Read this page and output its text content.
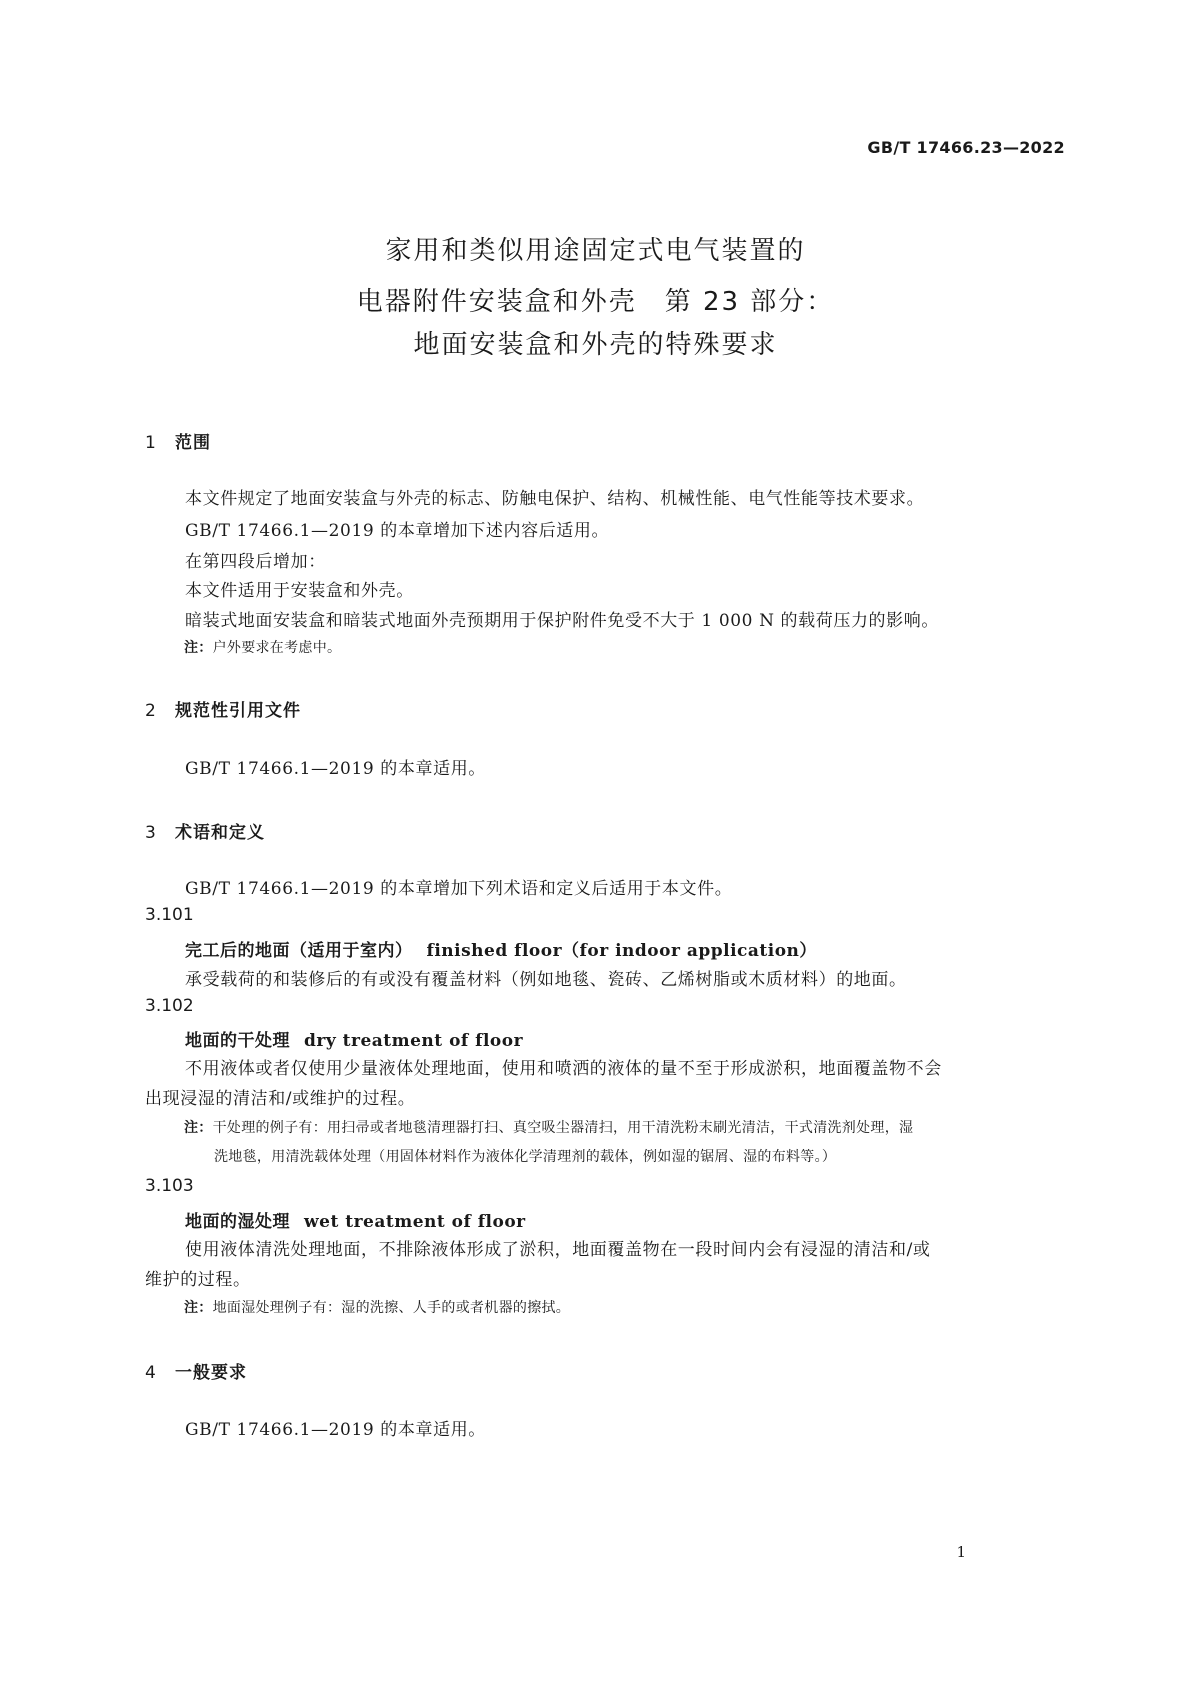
GB/T 17466.23—2022
家用和类似用途固定式电气装置的
电器附件安装盒和外壳　第 23 部分：
地面安装盒和外壳的特殊要求
1 范围
本文件规定了地面安装盒与外壳的标志、防触电保护、结构、机械性能、电气性能等技术要求。
GB/T 17466.1—2019 的本章增加下述内容后适用。
在第四段后增加：
本文件适用于安装盒和外壳。
暗装式地面安装盒和暗装式地面外壳预期用于保护附件免受不大于 1 000 N 的载荷压力的影响。
注：户外要求在考虑中。
2 规范性引用文件
GB/T 17466.1—2019 的本章适用。
3 术语和定义
GB/T 17466.1—2019 的本章增加下列术语和定义后适用于本文件。
3.101
完工后的地面（适用于室内） finished floor（for indoor application）
承受载荷的和装修后的有或没有覆盖材料（例如地毯、瓷砖、乙烯树脂或木质材料）的地面。
3.102
地面的干处理 dry treatment of floor
不用液体或者仅使用少量液体处理地面，使用和喷洒的液体的量不至于形成淤积，地面覆盖物不会
出现浸湿的清洁和/或维护的过程。
注：干处理的例子有：用扫帚或者地毯清理器打扫、真空吸尘器清扫，用干清洗粉末刷光清洁，干式清洗剂处理，湿
洗地毯，用清洗载体处理（用固体材料作为液体化学清理剂的载体，例如湿的锯屑、湿的布料等。）
3.103
地面的湿处理 wet treatment of floor
使用液体清洗处理地面，不排除液体形成了淤积，地面覆盖物在一段时间内会有浸湿的清洁和/或
维护的过程。
注：地面湿处理例子有：湿的洗擦、人手的或者机器的擦拭。
4 一般要求
GB/T 17466.1—2019 的本章适用。
1
